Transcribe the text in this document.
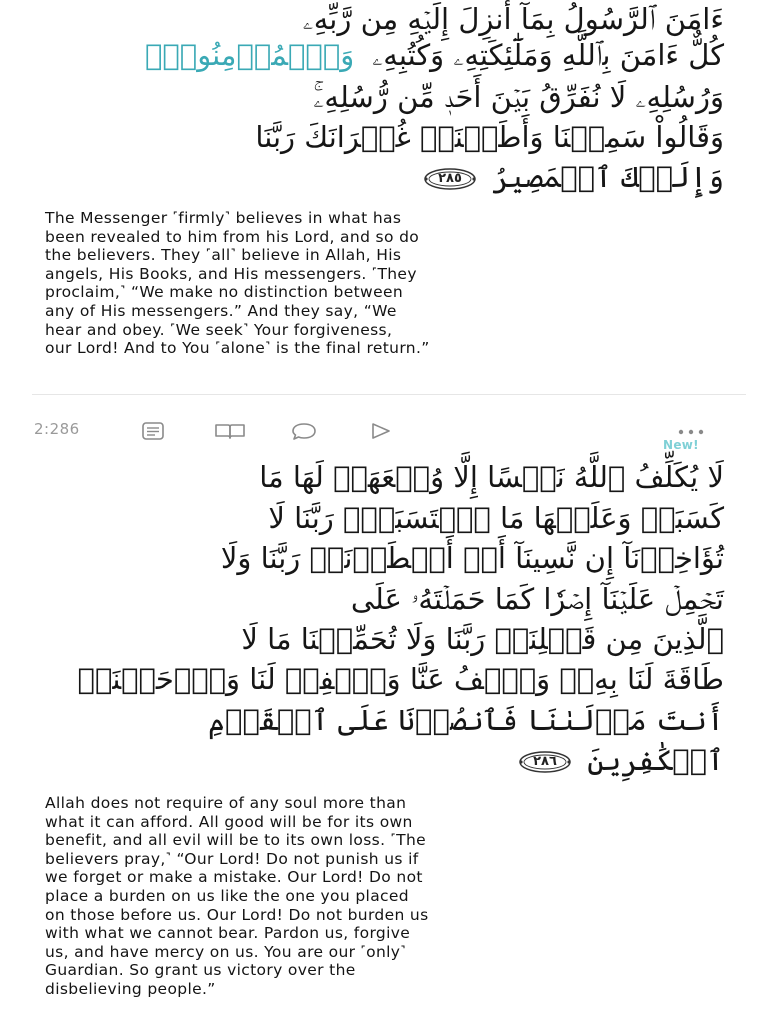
ءَامَنَ ٱلرَّسُولُ بِمَآ أُنزِلَ إِلَيۡهِ مِن رَّبِّهِۦ
كُلٌّ ءَامَنَ بِٱللَّهِ وَمَلَٰٓئِكَتِهِۦ وَكُتُبِهِۦوَٱلۡمُؤۡمِنُونَۚ
وَرُسُلِهِۦ لَا نُفَرِّقُ بَيۡنَ أَحَدٖ مِّن رُّسُلِهِۦۚ
وَقَالُواْ سَمِعۡنَا وَأَطَعۡنَاۖ غُفۡرَانَكَ رَبَّنَا
وَإِلَيۡكَ ٱلۡمَصِيرُ
٢٨٥
The Messenger ˹firmly˺ believes in what has
been revealed to him from his Lord, and so do
the believers. They ˹all˺ believe in Allah, His
angels, His Books, and His messengers. ˹They
proclaim,˺ “We make no distinction between
any of His messengers.” And they say, “We
hear and obey. ˹We seek˺ Your forgiveness,
our Lord! And to You ˹alone˺ is the final return.”
2:286
New!
لَا يُكَلِّفُ ٱللَّهُ نَفۡسًا إِلَّا وُسۡعَهَاۚ لَهَا مَا
كَسَبَتۡ وَعَلَيۡهَا مَا ٱكۡتَسَبَتۡۗ رَبَّنَا لَا
تُؤَاخِذۡنَآ إِن نَّسِينَآ أَوۡ أَخۡطَأۡنَاۚ رَبَّنَا وَلَا
تَحۡمِلۡ عَلَيۡنَآ إِصۡرٗا كَمَا حَمَلۡتَهُۥ عَلَى
ٱلَّذِينَ مِن قَبۡلِنَاۚ رَبَّنَا وَلَا تُحَمِّلۡنَا مَا لَا
طَاقَةَ لَنَا بِهِۦۖ وَٱعۡفُ عَنَّا وَٱغۡفِرۡ لَنَا وَٱرۡحَمۡنَآۚ
أَنتَ مَوۡلَىٰنَا فَٱنصُرۡنَا عَلَى ٱلۡقَوۡمِ
ٱلۡكَٰفِرِينَ
٢٨٦
Allah does not require of any soul more than
what it can afford. All good will be for its own
benefit, and all evil will be to its own loss. ˹The
believers pray,˺ “Our Lord! Do not punish us if
we forget or make a mistake. Our Lord! Do not
place a burden on us like the one you placed
on those before us. Our Lord! Do not burden us
with what we cannot bear. Pardon us, forgive
us, and have mercy on us. You are our ˹only˺
Guardian. So grant us victory over the
disbelieving people.”
